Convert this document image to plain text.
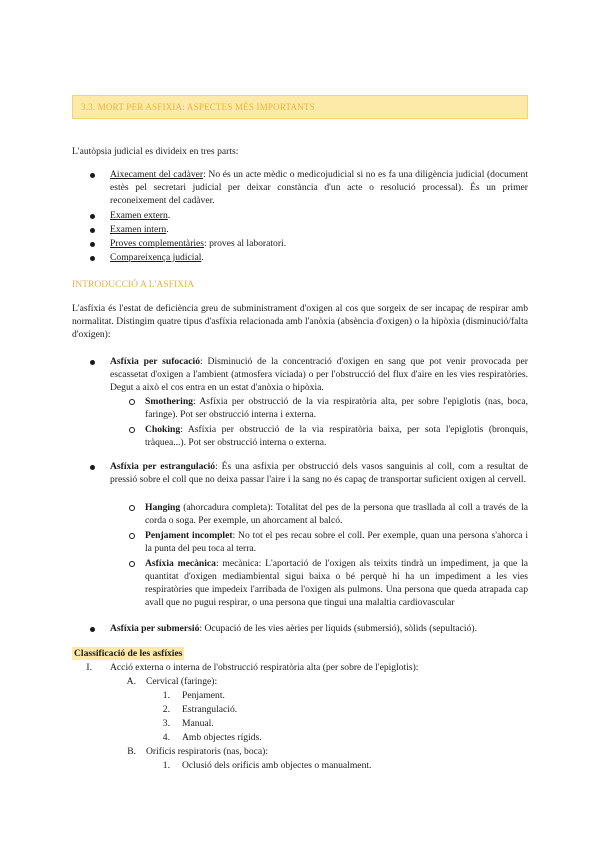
3.3. MORT PER ASFIXIA: ASPECTES MÉS IMPORTANTS
L'autòpsia judicial es divideix en tres parts:
Aixecament del cadàver: No és un acte mèdic o medicojudicial si no es fa una diligència judicial (document estès pel secretari judicial per deixar constància d'un acte o resolució processal). És un primer reconeixement del cadàver.
Examen extern.
Examen intern.
Proves complementàries: proves al laboratori.
Compareixença judicial.
INTRODUCCIÓ A L'ASFIXIA
L'asfíxia és l'estat de deficiència greu de subministrament d'oxigen al cos que sorgeix de ser incapaç de respirar amb normalitat. Distingim quatre tipus d'asfíxia relacionada amb l'anòxia (absència d'oxigen) o la hipòxia (disminució/falta d'oxigen):
Asfíxia per sufocació: Disminució de la concentració d'oxigen en sang que pot venir provocada per escassetat d'oxigen a l'ambient (atmosfera viciada) o per l'obstrucció del flux d'aire en les vies respiratòries. Degut a això el cos entra en un estat d'anòxia o hipòxia.
Smothering: Asfíxia per obstrucció de la via respiratòria alta, per sobre l'epiglotis (nas, boca, faringe). Pot ser obstrucció interna i externa.
Choking: Asfíxia per obstrucció de la via respiratòria baixa, per sota l'epiglotis (bronquis, tràquea...). Pot ser obstrucció interna o externa.
Asfíxia per estrangulació: És una asfíxia per obstrucció dels vasos sanguinis al coll, com a resultat de pressió sobre el coll que no deixa passar l'aire i la sang no és capaç de transportar suficient oxigen al cervell.
Hanging (ahorcadura completa): Totalitat del pes de la persona que trasllada al coll a través de la corda o soga. Per exemple, un ahorcament al balcó.
Penjament incomplet: No tot el pes recau sobre el coll. Per exemple, quan una persona s'ahorca i la punta del peu toca al terra.
Asfíxia mecànica: mecànica: L'aportació de l'oxigen als teixits tindrà un impediment, ja que la quantitat d'oxigen mediambiental sigui baixa o bé perquè hi ha un impediment a les vies respiratòries que impedeix l'arribada de l'oxigen als pulmons. Una persona que queda atrapada cap avall que no pugui respirar, o una persona que tingui una malaltia cardiovascular
Asfíxia per submersió: Ocupació de les vies aèries per líquids (submersió), sòlids (sepultació).
Classificació de les asfíxies
I. Acció externa o interna de l'obstrucció respiratòria alta (per sobre de l'epiglotis):
A. Cervical (faringe):
1. Penjament.
2. Estrangulació.
3. Manual.
4. Amb objectes rígids.
B. Orificis respiratoris (nas, boca):
1. Oclusió dels orificis amb objectes o manualment.
